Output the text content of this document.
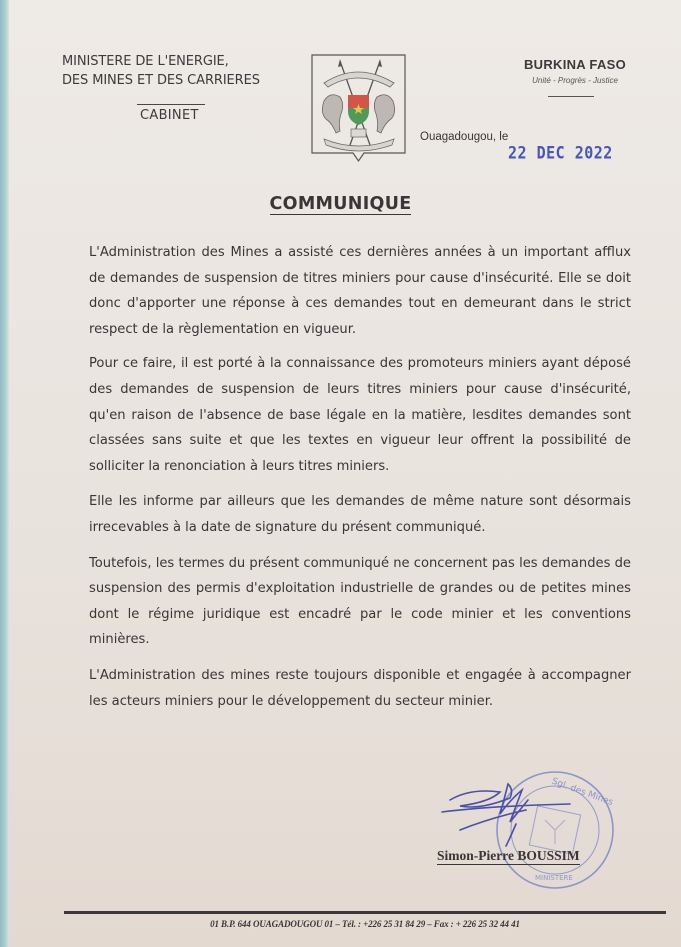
MINISTERE DE L'ENERGIE,
DES MINES ET DES CARRIERES
CABINET
BURKINA FASO
Unité - Progrès - Justice
Ouagadougou, le
22 DEC 2022
COMMUNIQUE

L'Administration des Mines a assisté ces dernières années à un important afflux de demandes de suspension de titres miniers pour cause d'insécurité. Elle se doit donc d'apporter une réponse à ces demandes tout en demeurant dans le strict respect de la règlementation en vigueur.

Pour ce faire, il est porté à la connaissance des promoteurs miniers ayant déposé des demandes de suspension de leurs titres miniers pour cause d'insécurité, qu'en raison de l'absence de base légale en la matière, lesdites demandes sont classées sans suite et que les textes en vigueur leur offrent la possibilité de solliciter la renonciation à leurs titres miniers.

Elle les informe par ailleurs que les demandes de même nature sont désormais irrecevables à la date de signature du présent communiqué.

Toutefois, les termes du présent communiqué ne concernent pas les demandes de suspension des permis d'exploitation industrielle de grandes ou de petites mines dont le régime juridique est encadré par le code minier et les conventions minières.

L'Administration des mines reste toujours disponible et engagée à accompagner les acteurs miniers pour le développement du secteur minier.

Sgl. des Mines
MINISTERE
Simon-Pierre BOUSSIM
01 B.P. 644 OUAGADOUGOU 01 – Tél. : +226 25 31 84 29 – Fax : + 226 25 32 44 41
